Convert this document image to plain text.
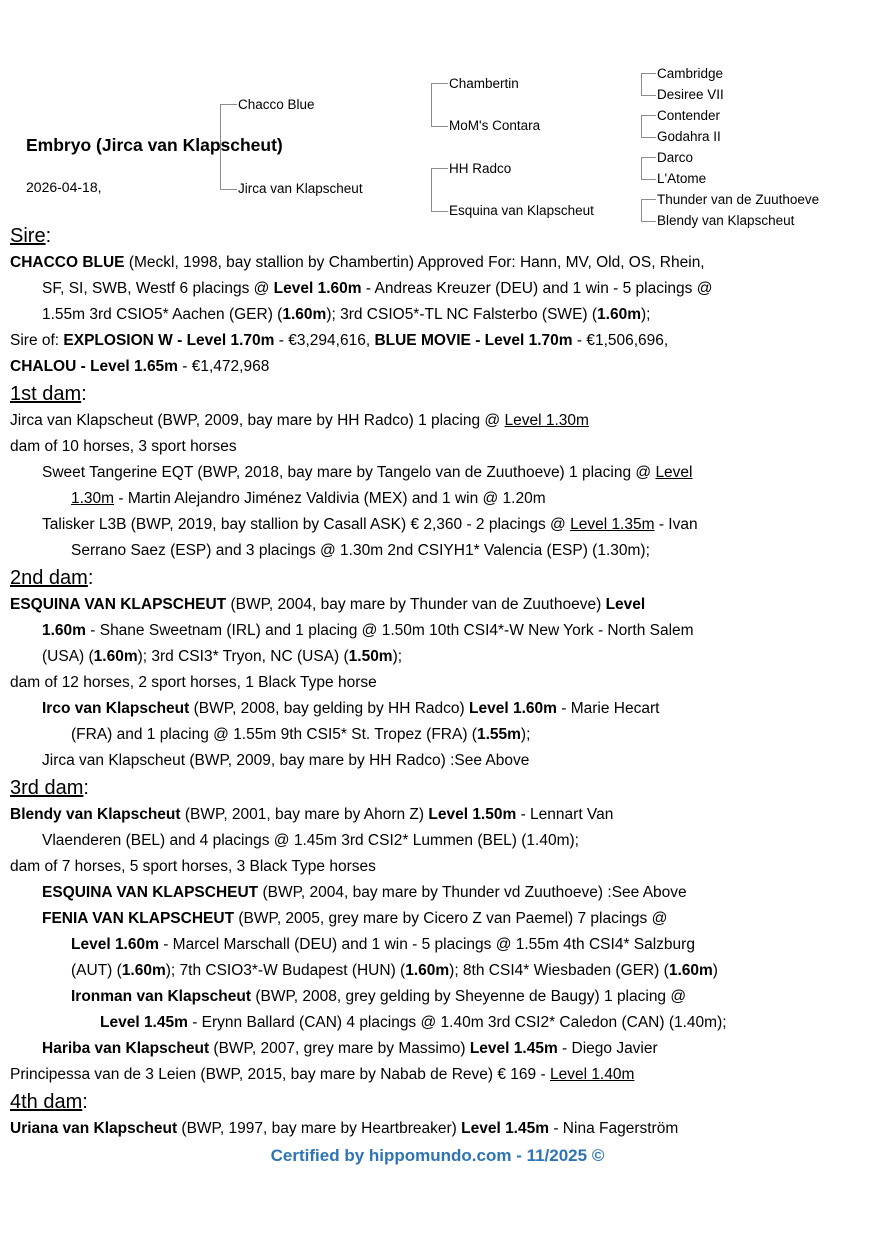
Embryo (Jirca van Klapscheut)
2026-04-18,
Chacco Blue
Jirca van Klapscheut
Chambertin
MoM's Contara
HH Radco
Esquina van Klapscheut
Cambridge
Desiree VII
Contender
Godahra II
Darco
L'Atome
Thunder van de Zuuthoeve
Blendy van Klapscheut
Sire:
CHACCO BLUE (Meckl, 1998, bay stallion by Chambertin) Approved For: Hann, MV, Old, OS, Rhein,
SF, SI, SWB, Westf 6 placings @ Level 1.60m - Andreas Kreuzer (DEU) and 1 win - 5 placings @
1.55m 3rd CSIO5* Aachen (GER) (1.60m); 3rd CSIO5*-TL NC Falsterbo (SWE) (1.60m);
Sire of: EXPLOSION W - Level 1.70m - €3,294,616, BLUE MOVIE - Level 1.70m - €1,506,696,
CHALOU - Level 1.65m - €1,472,968
1st dam:
Jirca van Klapscheut (BWP, 2009, bay mare by HH Radco) 1 placing @ Level 1.30m
dam of 10 horses, 3 sport horses
Sweet Tangerine EQT (BWP, 2018, bay mare by Tangelo van de Zuuthoeve) 1 placing @ Level
1.30m - Martin Alejandro Jiménez Valdivia (MEX) and 1 win @ 1.20m
Talisker L3B (BWP, 2019, bay stallion by Casall ASK) € 2,360 - 2 placings @ Level 1.35m - Ivan
Serrano Saez (ESP) and 3 placings @ 1.30m 2nd CSIYH1* Valencia (ESP) (1.30m);
2nd dam:
ESQUINA VAN KLAPSCHEUT (BWP, 2004, bay mare by Thunder van de Zuuthoeve) Level
1.60m - Shane Sweetnam (IRL) and 1 placing @ 1.50m 10th CSI4*-W New York - North Salem
(USA) (1.60m); 3rd CSI3* Tryon, NC (USA) (1.50m);
dam of 12 horses, 2 sport horses, 1 Black Type horse
Irco van Klapscheut (BWP, 2008, bay gelding by HH Radco) Level 1.60m - Marie Hecart
(FRA) and 1 placing @ 1.55m 9th CSI5* St. Tropez (FRA) (1.55m);
Jirca van Klapscheut (BWP, 2009, bay mare by HH Radco) :See Above
3rd dam:
Blendy van Klapscheut (BWP, 2001, bay mare by Ahorn Z) Level 1.50m - Lennart Van
Vlaenderen (BEL) and 4 placings @ 1.45m 3rd CSI2* Lummen (BEL) (1.40m);
dam of 7 horses, 5 sport horses, 3 Black Type horses
ESQUINA VAN KLAPSCHEUT (BWP, 2004, bay mare by Thunder vd Zuuthoeve) :See Above
FENIA VAN KLAPSCHEUT (BWP, 2005, grey mare by Cicero Z van Paemel) 7 placings @
Level 1.60m - Marcel Marschall (DEU) and 1 win - 5 placings @ 1.55m 4th CSI4* Salzburg
(AUT) (1.60m); 7th CSIO3*-W Budapest (HUN) (1.60m); 8th CSI4* Wiesbaden (GER) (1.60m)
Ironman van Klapscheut (BWP, 2008, grey gelding by Sheyenne de Baugy) 1 placing @
Level 1.45m - Erynn Ballard (CAN) 4 placings @ 1.40m 3rd CSI2* Caledon (CAN) (1.40m);
Hariba van Klapscheut (BWP, 2007, grey mare by Massimo) Level 1.45m - Diego Javier
Principessa van de 3 Leien (BWP, 2015, bay mare by Nabab de Reve) € 169 - Level 1.40m
4th dam:
Uriana van Klapscheut (BWP, 1997, bay mare by Heartbreaker) Level 1.45m - Nina Fagerström
Certified by hippomundo.com - 11/2025 ©
